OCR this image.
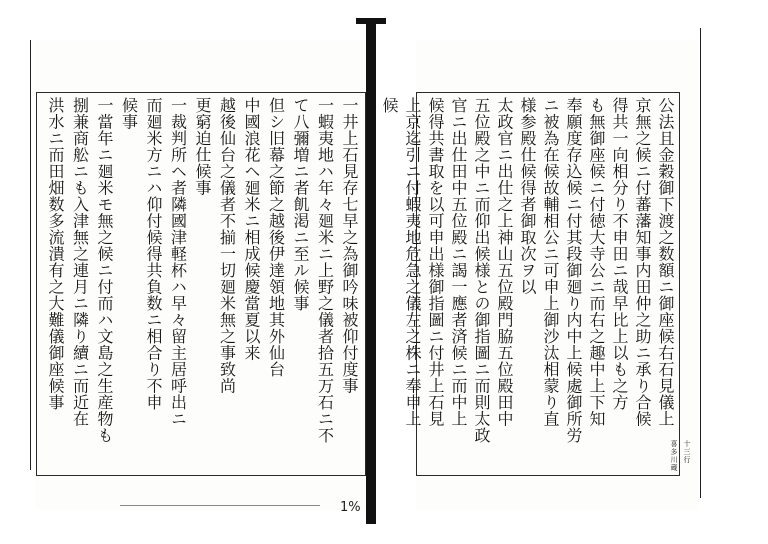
一井上石見存七早之為御吟味被仰付度事
一蝦夷地ハ年々廻米ニ上野之儀者拾五万石ニ不
て八彌増ニ者飢渇ニ至ル候事
但シ旧幕之節之越後伊達領地其外仙台
中國浪花ヘ廻米ニ相成候慶當夏以来
越後仙台之儀者不揃一切廻米無之事致尚
更窮迫仕候事
一裁判所ヘ者隣國津軽杯ハ早々留主居呼出ニ
而廻米方ニハ仰付候得共負数ニ相合り不申
候事
一當年ニ廻米モ無之候ニ付而ハ文島之生産物も
捌兼商舩ニも入津無之連月ニ隣り續ニ而近在
洪水ニ而田畑数多流潰有之大難儀御座候事
1%
公法且金穀御下渡之数額ニ御座候右石見儀上
京無之候ニ付蕃藩知事内田仲之助ニ承り合候
得共一向相分り不申田ニ哉早比上以も之方
も無御座候ニ付徳大寺公ニ而右之趣中上下知
奉願度存込候ニ付其段御廻り内中上候處御所労
ニ被為在候故輔相公ニ可申上御沙汰相蒙り直
様参殿仕候得者御取次ヲ以
太政官ニ出仕之上神山五位殿門脇五位殿田中
五位殿之中ニ而仰出候様との御指圖ニ而則太政
官ニ出仕田中五位殿ニ謁一應者済候ニ而中上
候得共書取を以可申出様御指圖ニ付井上石見
上京迄引ニ付蝦夷地危急之儀左之株ニ奉申上
候
十三行
喜多川蔵
